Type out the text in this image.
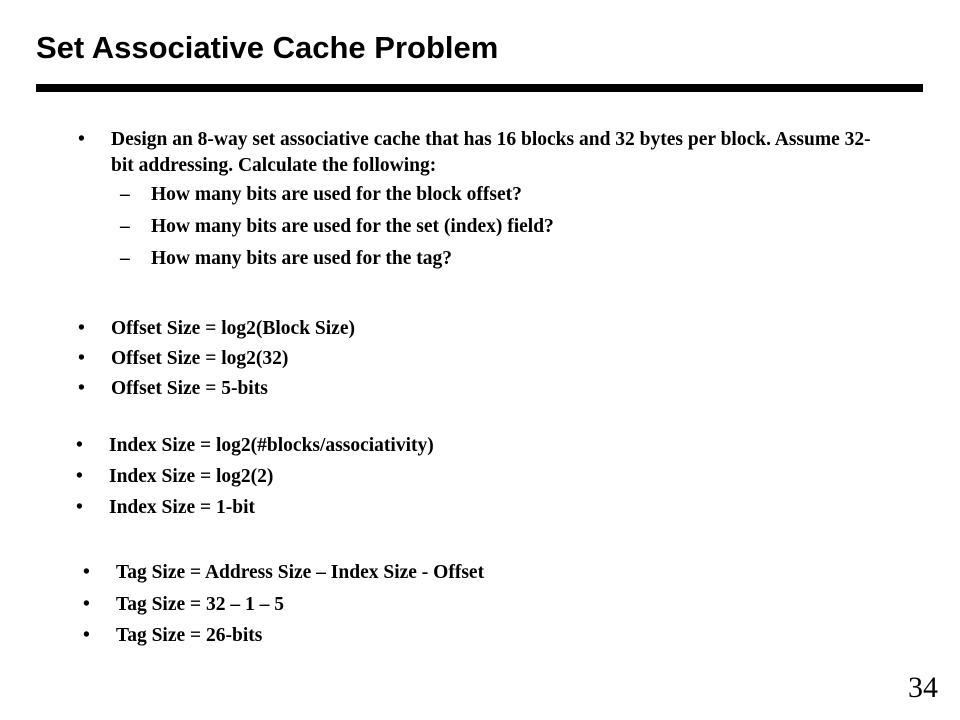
Set Associative Cache Problem
• Design an 8-way set associative cache that has 16 blocks and 32 bytes per block. Assume 32-bit addressing. Calculate the following:
– How many bits are used for the block offset?
– How many bits are used for the set (index) field?
– How many bits are used for the tag?
• Offset Size = log2(Block Size)
• Offset Size = log2(32)
• Offset Size = 5-bits
• Index Size = log2(#blocks/associativity)
• Index Size = log2(2)
• Index Size = 1-bit
• Tag Size = Address Size – Index Size - Offset
• Tag Size = 32 – 1 – 5
• Tag Size = 26-bits
34
